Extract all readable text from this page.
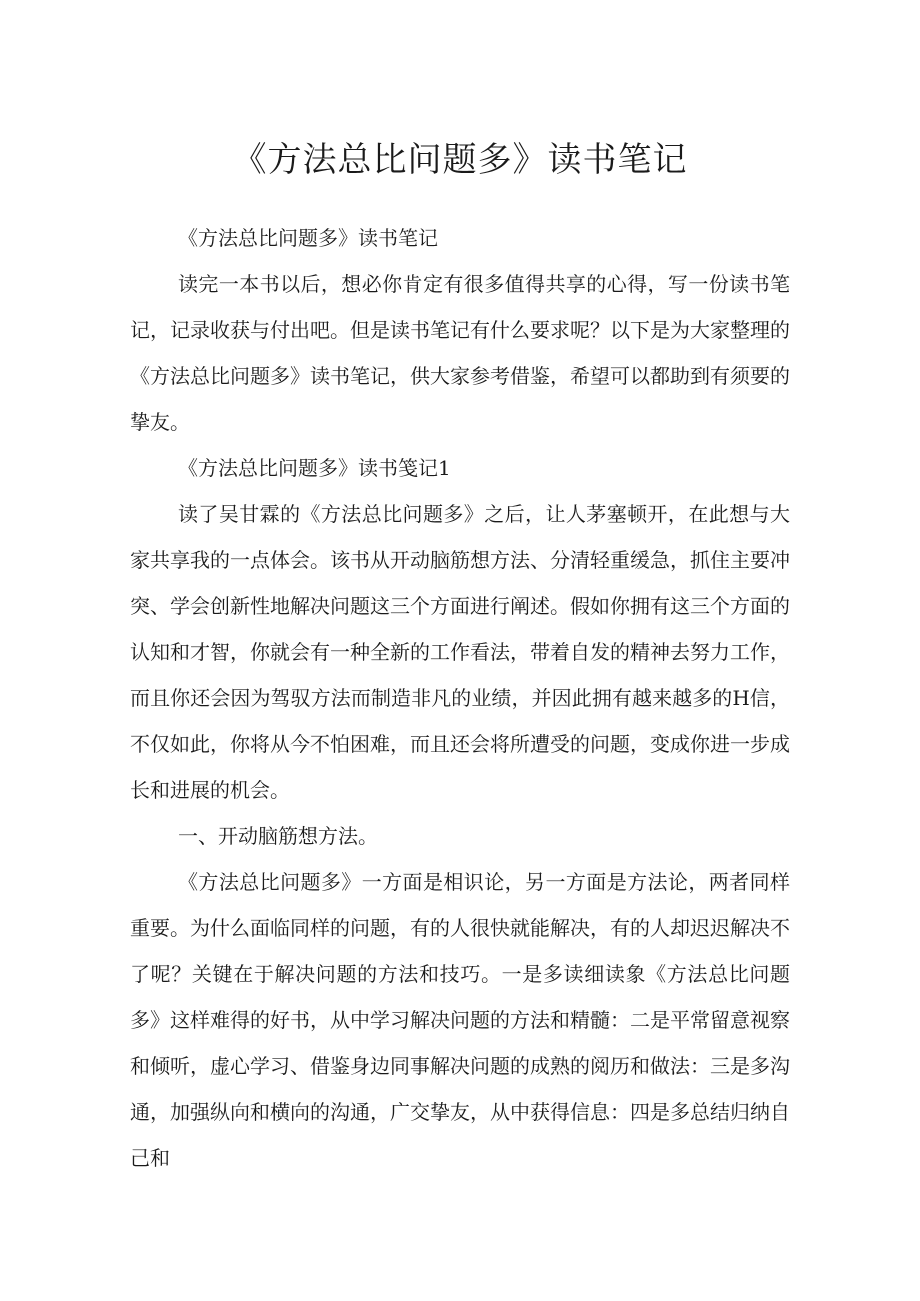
《方法总比问题多》读书笔记

《方法总比问题多》读书笔记

读完一本书以后，想必你肯定有很多值得共享的心得，写一份读书笔记，记录收获与付出吧。但是读书笔记有什么要求呢？以下是为大家整理的《方法总比问题多》读书笔记，供大家参考借鉴，希望可以都助到有须要的挚友。

《方法总比问题多》读书笺记1

读了吴甘霖的《方法总比问题多》之后，让人茅塞顿开，在此想与大家共享我的一点体会。该书从开动脑筋想方法、分清轻重缓急，抓住主要冲突、学会创新性地解决问题这三个方面进行阐述。假如你拥有这三个方面的认知和才智，你就会有一种全新的工作看法，带着自发的精神去努力工作，而且你还会因为驾驭方法而制造非凡的业绩，并因此拥有越来越多的H信，不仅如此，你将从今不怕困难，而且还会将所遭受的问题，变成你进一步成长和进展的机会。

一、开动脑筋想方法。

《方法总比问题多》一方面是相识论，另一方面是方法论，两者同样重要。为什么面临同样的问题，有的人很快就能解决，有的人却迟迟解决不了呢？关键在于解决问题的方法和技巧。一是多读细读象《方法总比问题多》这样难得的好书，从中学习解决问题的方法和精髓：二是平常留意视察和倾听，虚心学习、借鉴身边同事解决问题的成熟的阅历和做法：三是多沟通，加强纵向和横向的沟通，广交挚友，从中获得信息：四是多总结归纳自己和
